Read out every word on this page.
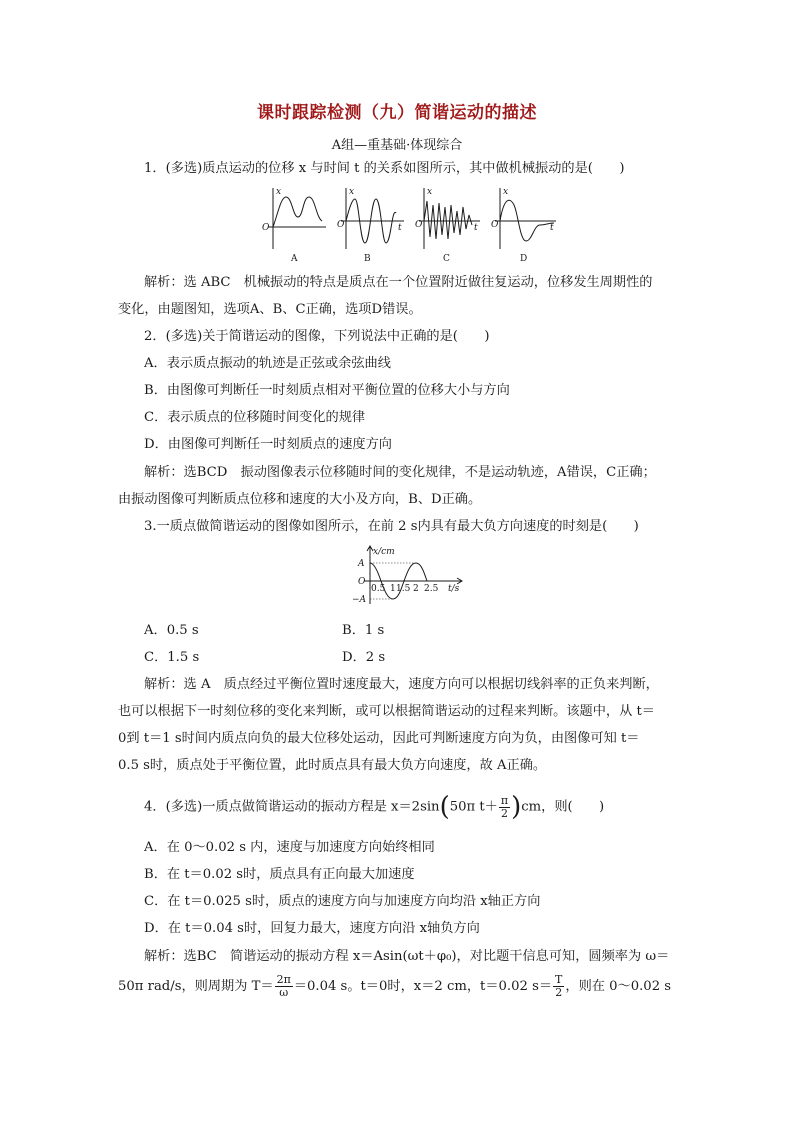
课时跟踪检测（九）简谐运动的描述
A组—重基础·体现综合
1．(多选)质点运动的位移 x 与时间 t 的关系如图所示，其中做机械振动的是(　　)
x
O
x
O	t
x
O	t
x
O	t
A	B	C	D
解析：选 ABC　机械振动的特点是质点在一个位置附近做往复运动，位移发生周期性的
变化，由题图知，选项A、B、C正确，选项D错误。
2．(多选)关于简谐运动的图像，下列说法中正确的是(　　)
A．表示质点振动的轨迹是正弦或余弦曲线
B．由图像可判断任一时刻质点相对平衡位置的位移大小与方向
C．表示质点的位移随时间变化的规律
D．由图像可判断任一时刻质点的速度方向
解析：选BCD　振动图像表示位移随时间的变化规律，不是运动轨迹，A错误，C正确；
由振动图像可判断质点位移和速度的大小及方向，B、D正确。
3.一质点做简谐运动的图像如图所示，在前 2 s内具有最大负方向速度的时刻是(　　)
x/cm
A
O
−A
0.5 1 1.5 2 2.5 t/s
A．0.5 s	B．1 s
C．1.5 s	D．2 s
解析：选 A　质点经过平衡位置时速度最大，速度方向可以根据切线斜率的正负来判断，
也可以根据下一时刻位移的变化来判断，或可以根据简谐运动的过程来判断。该题中，从 t＝
0到 t＝1 s时间内质点向负的最大位移处运动，因此可判断速度方向为负，由图像可知 t＝
0.5 s时，质点处于平衡位置，此时质点具有最大负方向速度，故 A正确。
4．(多选)一质点做简谐运动的振动方程是 x＝2sin(50π $t+ \frac{\pi}{2} )cm$，则(　　)
A．在 0～0.02 s 内，速度与加速度方向始终相同
B．在 t＝0.02 s时，质点具有正向最大加速度
C．在 t＝0.025 s时，质点的速度方向与加速度方向均沿 x轴正方向
D．在 t＝0.04 s时，回复力最大，速度方向沿 x轴负方向
解析：选BC　简谐运动的振动方程 x＝Asin(ωt＋φ₀)，对比题干信息可知，圆频率为 ω＝
50π rad/s，则周期为 $T= \frac{2\pi}{\omega} =0.04$ s。t＝0时，x＝2 cm，t＝0.02 $s= \frac{T}{2}$ ，则在 0～0.02 s
